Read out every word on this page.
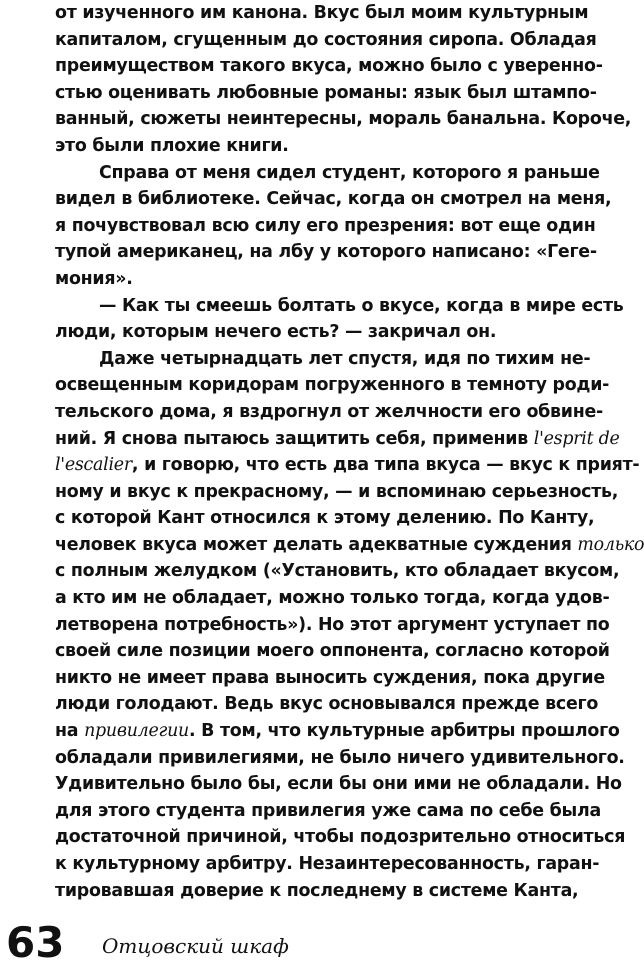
от изученного им канона. Вкус был моим культурным
капиталом, сгущенным до состояния сиропа. Обладая
преимуществом такого вкуса, можно было с уверенно-
стью оценивать любовные романы: язык был штампо-
ванный, сюжеты неинтересны, мораль банальна. Короче,
это были плохие книги.
Справа от меня сидел студент, которого я раньше
видел в библиотеке. Сейчас, когда он смотрел на меня,
я почувствовал всю силу его презрения: вот еще один
тупой американец, на лбу у которого написано: «Геге-
мония».
— Как ты смеешь болтать о вкусе, когда в мире есть
люди, которым нечего есть? — закричал он.
Даже четырнадцать лет спустя, идя по тихим не-
освещенным коридорам погруженного в темноту роди-
тельского дома, я вздрогнул от желчности его обвине-
ний. Я снова пытаюсь защитить себя, применив l'esprit de
l'escalier, и говорю, что есть два типа вкуса — вкус к прият-
ному и вкус к прекрасному, — и вспоминаю серьезность,
с которой Кант относился к этому делению. По Канту,
человек вкуса может делать адекватные суждения только
с полным желудком («Установить, кто обладает вкусом,
а кто им не обладает, можно только тогда, когда удов-
летворена потребность»). Но этот аргумент уступает по
своей силе позиции моего оппонента, согласно которой
никто не имеет права выносить суждения, пока другие
люди голодают. Ведь вкус основывался прежде всего
на привилегии. В том, что культурные арбитры прошлого
обладали привилегиями, не было ничего удивительного.
Удивительно было бы, если бы они ими не обладали. Но
для этого студента привилегия уже сама по себе была
достаточной причиной, чтобы подозрительно относиться
к культурному арбитру. Незаинтересованность, гаран-
тировавшая доверие к последнему в системе Канта,
63 Отцовский шкаф
